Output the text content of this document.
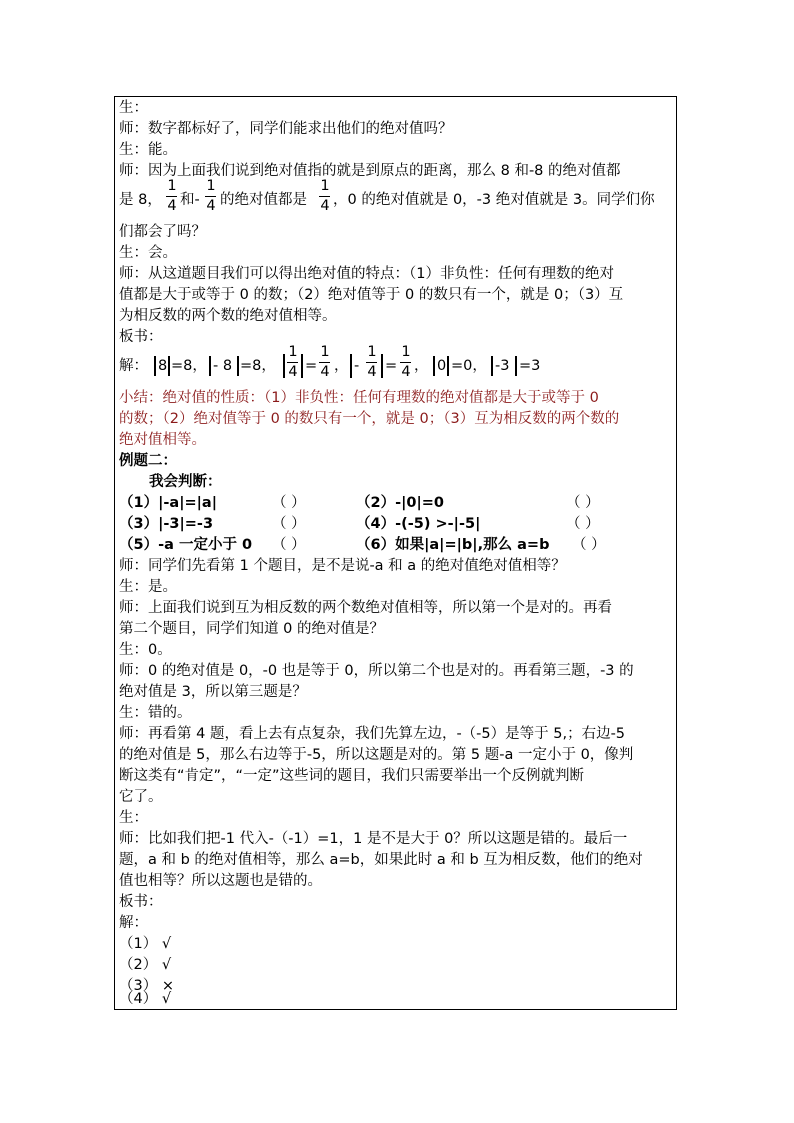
生：
师：数字都标好了，同学们能求出他们的绝对值吗？
生：能。
师：因为上面我们说到绝对值指的就是到原点的距离，那么 8 和-8 的绝对值都
是 8，
1
4 和-
1
4 的绝对值都是
1
4 ，0 的绝对值就是 0，-3 绝对值就是 3。同学们你
们都会了吗？
生：会。
师：从这道题目我们可以得出绝对值的特点：（1）非负性：任何有理数的绝对
值都是大于或等于 0 的数；（2）绝对值等于 0 的数只有一个，就是 0；（3）互
为相反数的两个数的绝对值相等。
板书：
解： 8 =8， - 8 =8，
1
4 =
1
4 ， -
1
4 =
1
4 ， 0 =0， -3 =3
小结：绝对值的性质：（1）非负性：任何有理数的绝对值都是大于或等于 0
的数；（2）绝对值等于 0 的数只有一个，就是 0；（3）互为相反数的两个数的
绝对值相等。
例题二：
我会判断：
（1）|-a|=|a|	（ ）	（2）-|0|=0	（ ）
（3）|-3|=-3	（ ）	（4）-(-5) >-|-5|	（ ）
（5）-a 一定小于 0 （ ）	（6）如果|a|=|b|,那么 a=b （ ）
师：同学们先看第 1 个题目，是不是说-a 和 a 的绝对值绝对值相等？
生：是。
师：上面我们说到互为相反数的两个数绝对值相等，所以第一个是对的。再看
第二个题目，同学们知道 0 的绝对值是？
生：0。
师：0 的绝对值是 0，-0 也是等于 0，所以第二个也是对的。再看第三题，-3 的
绝对值是 3，所以第三题是？
生：错的。
师：再看第 4 题，看上去有点复杂，我们先算左边，-（-5）是等于 5,；右边-5
的绝对值是 5，那么右边等于-5，所以这题是对的。第 5 题-a 一定小于 0，像判
断这类有“肯定”，“一定”这些词的题目，我们只需要举出一个反例就判断
它了。
生：
师：比如我们把-1 代入-（-1）=1，1 是不是大于 0？所以这题是错的。最后一
题，a 和 b 的绝对值相等，那么 a=b，如果此时 a 和 b 互为相反数，他们的绝对
值也相等？所以这题也是错的。
板书：
解：
（1） √
（2） √
（3） ×
（4） √
